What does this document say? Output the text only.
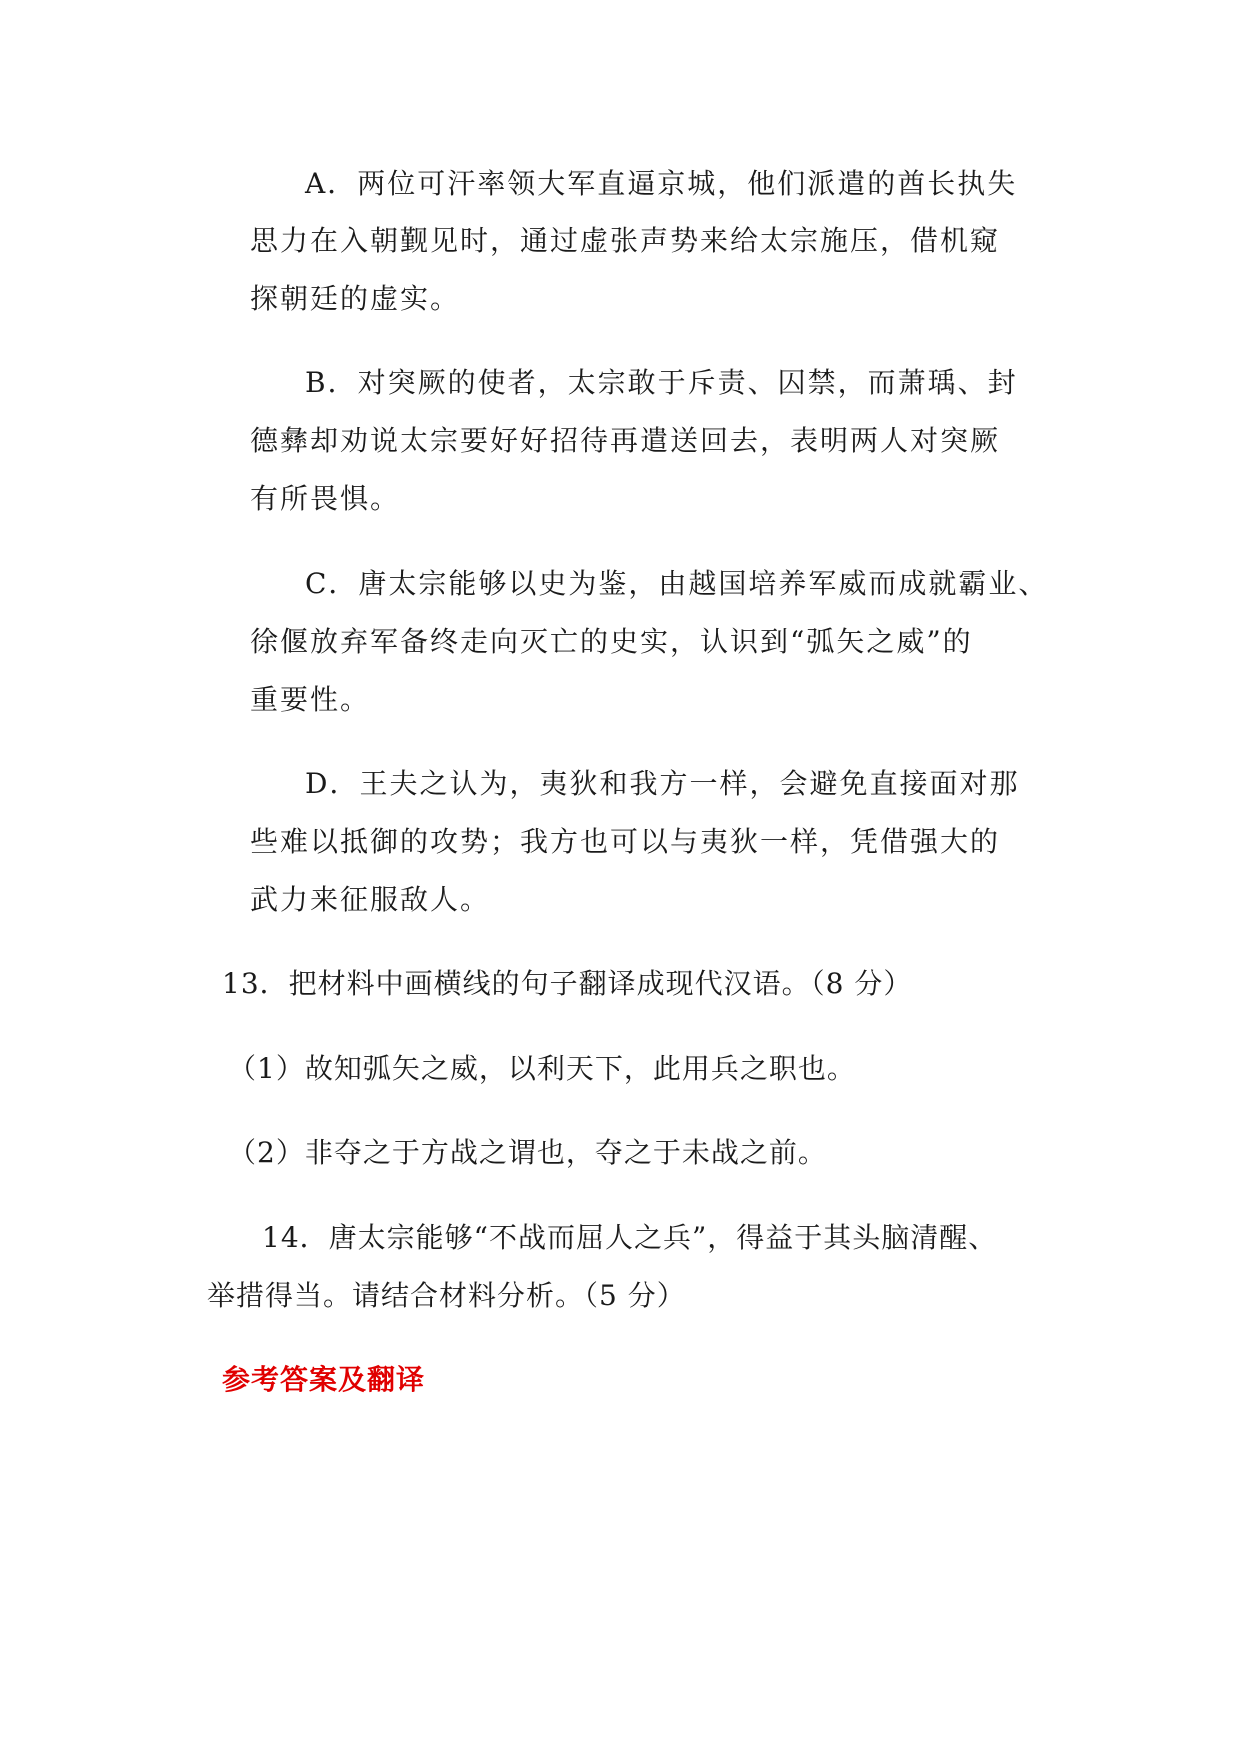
A．两位可汗率领大军直逼京城，他们派遣的酋长执失
思力在入朝觐见时，通过虚张声势来给太宗施压，借机窥
探朝廷的虚实。
B．对突厥的使者，太宗敢于斥责、囚禁，而萧瑀、封
德彝却劝说太宗要好好招待再遣送回去，表明两人对突厥
有所畏惧。
C．唐太宗能够以史为鉴，由越国培养军威而成就霸业、
徐偃放弃军备终走向灭亡的史实，认识到“弧矢之威”的
重要性。
D．王夫之认为，夷狄和我方一样，会避免直接面对那
些难以抵御的攻势；我方也可以与夷狄一样，凭借强大的
武力来征服敌人。
13．把材料中画横线的句子翻译成现代汉语。（8 分）
（1）故知弧矢之威，以利天下，此用兵之职也。
（2）非夺之于方战之谓也，夺之于未战之前。
14．唐太宗能够“不战而屈人之兵”，得益于其头脑清醒、
举措得当。请结合材料分析。（5 分）
参考答案及翻译
